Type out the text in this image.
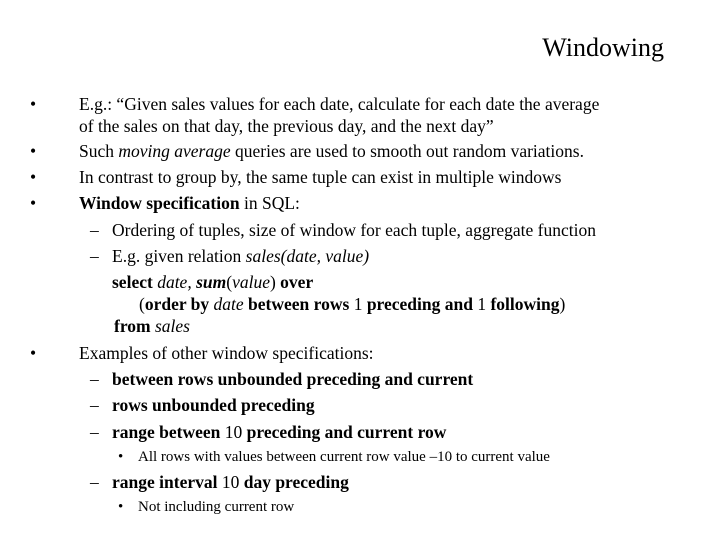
Windowing
• E.g.: “Given sales values for each date, calculate for each date the average
of the sales on that day, the previous day, and the next day”
• Such moving average queries are used to smooth out random variations.
• In contrast to group by, the same tuple can exist in multiple windows
• Window specification in SQL:
– Ordering of tuples, size of window for each tuple, aggregate function
– E.g. given relation sales(date, value)
select date, sum(value) over
(order by date between rows 1 preceding and 1 following)
from sales
• Examples of other window specifications:
– between rows unbounded preceding and current
– rows unbounded preceding
– range between 10 preceding and current row
• All rows with values between current row value –10 to current value
– range interval 10 day preceding
• Not including current row
